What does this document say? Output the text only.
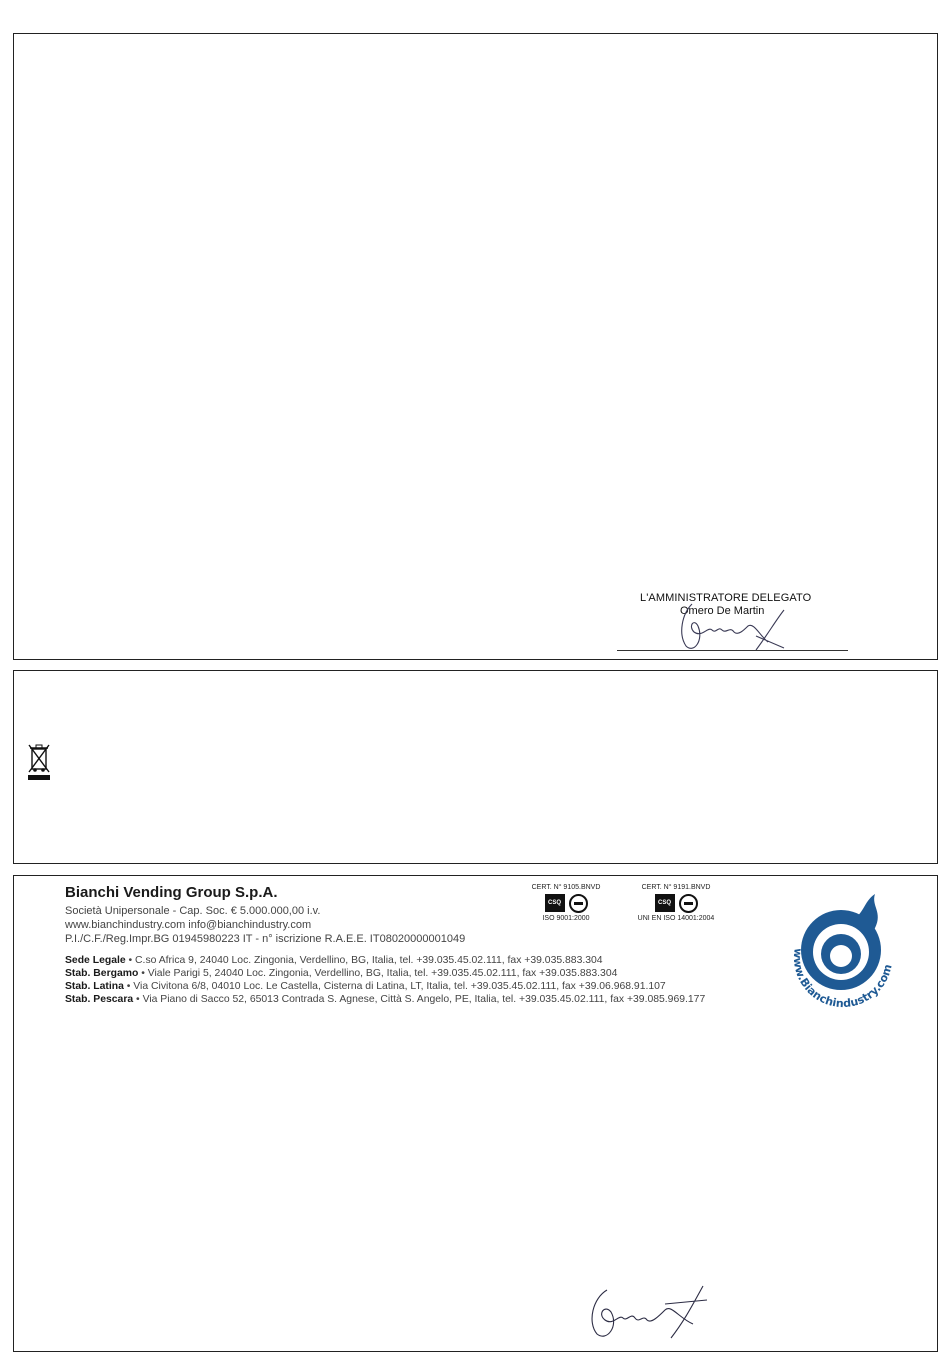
L'AMMINISTRATORE DELEGATO
Omero De Martin
Bianchi Vending Group S.p.A.
Società Unipersonale - Cap. Soc. € 5.000.000,00 i.v.
www.bianchindustry.com info@bianchindustry.com
P.I./C.F./Reg.Impr.BG 01945980223 IT - n° iscrizione R.A.E.E. IT08020000001049
Sede Legale • C.so Africa 9, 24040 Loc. Zingonia, Verdellino, BG, Italia, tel. +39.035.45.02.111, fax +39.035.883.304
Stab. Bergamo • Viale Parigi 5, 24040 Loc. Zingonia, Verdellino, BG, Italia, tel. +39.035.45.02.111, fax +39.035.883.304
Stab. Latina • Via Civitona 6/8, 04010 Loc. Le Castella, Cisterna di Latina, LT, Italia, tel. +39.035.45.02.111, fax +39.06.968.91.107
Stab. Pescara • Via Piano di Sacco 52, 65013 Contrada S. Agnese, Città S. Angelo, PE, Italia, tel. +39.035.45.02.111, fax +39.085.969.177
CERT. N° 9105.BNVD
CSQ
ISO 9001:2000
CERT. N° 9191.BNVD
CSQ
UNI EN ISO 14001:2004
www.Bianchindustry.com
